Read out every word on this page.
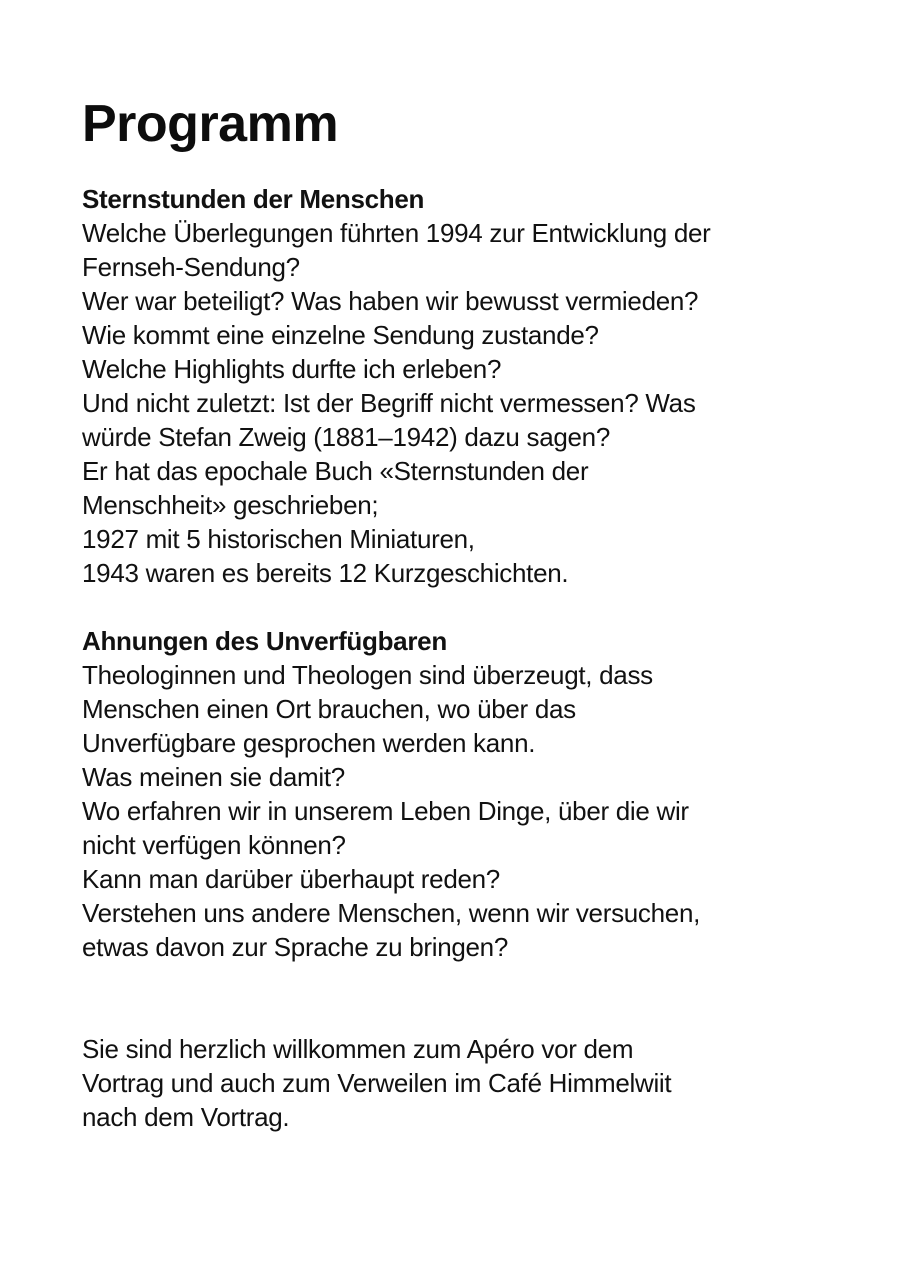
Programm

Sternstunden der Menschen

Welche Überlegungen führten 1994 zur Entwicklung der

Fernseh-Sendung?

Wer war beteiligt? Was haben wir bewusst vermieden?

Wie kommt eine einzelne Sendung zustande?

Welche Highlights durfte ich erleben?

Und nicht zuletzt: Ist der Begriff nicht vermessen? Was

würde Stefan Zweig (1881–1942) dazu sagen?

Er hat das epochale Buch «Sternstunden der

Menschheit» geschrieben;

1927 mit 5 historischen Miniaturen,

1943 waren es bereits 12 Kurzgeschichten.

Ahnungen des Unverfügbaren

Theologinnen und Theologen sind überzeugt, dass

Menschen einen Ort brauchen, wo über das

Unverfügbare gesprochen werden kann.

Was meinen sie damit?

Wo erfahren wir in unserem Leben Dinge, über die wir

nicht verfügen können?

Kann man darüber überhaupt reden?

Verstehen uns andere Menschen, wenn wir versuchen,

etwas davon zur Sprache zu bringen?

Sie sind herzlich willkommen zum Apéro vor dem

Vortrag und auch zum Verweilen im Café Himmelwiit

nach dem Vortrag.
